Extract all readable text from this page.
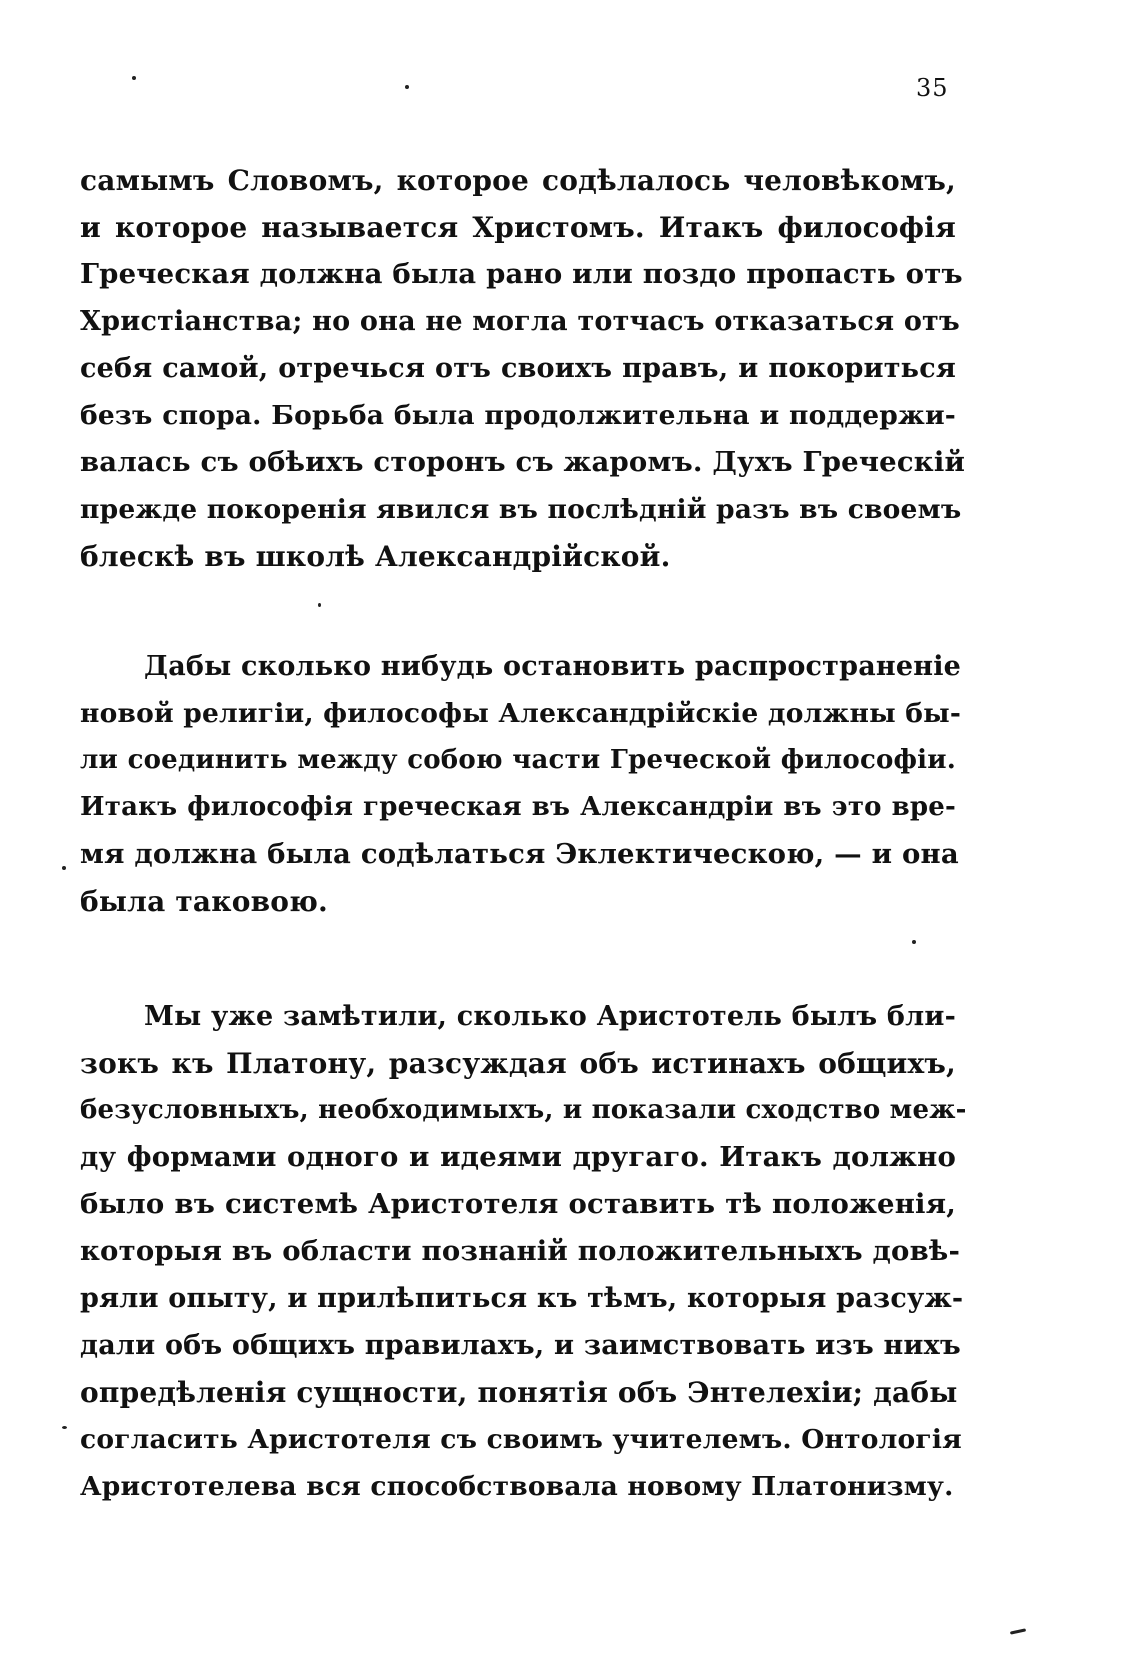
35
самымъ Словомъ, которое содѣлалось человѣкомъ,
и которое называется Христомъ. Итакъ философія
Греческая должна была рано или поздо пропасть отъ
Христіанства; но она не могла тотчасъ отказаться отъ
себя самой, отречься отъ своихъ правъ, и покориться
безъ спора. Борьба была продолжительна и поддержи-
валась съ обѣихъ сторонъ съ жаромъ. Духъ Греческій
прежде покоренія явился въ послѣдній разъ въ своемъ
блескѣ въ школѣ Александрійской.
Дабы сколько нибудь остановить распространеніе
новой религіи, философы Александрійскіе должны бы-
ли соединить между собою части Греческой философіи.
Итакъ философія греческая въ Александріи въ это вре-
мя должна была содѣлаться Эклектическою, — и она
была таковою.
Мы уже замѣтили, сколько Аристотель былъ бли-
зокъ къ Платону, разсуждая объ истинахъ общихъ,
безусловныхъ, необходимыхъ, и показали сходство меж-
ду формами одного и идеями другаго. Итакъ должно
было въ системѣ Аристотеля оставить тѣ положенія,
которыя въ области познаній положительныхъ довѣ-
ряли опыту, и прилѣпиться къ тѣмъ, которыя разсуж-
дали объ общихъ правилахъ, и заимствовать изъ нихъ
опредѣленія сущности, понятія объ Энтелехіи; дабы
согласить Аристотеля съ своимъ учителемъ. Онтологія
Аристотелева вся способствовала новому Платонизму.
